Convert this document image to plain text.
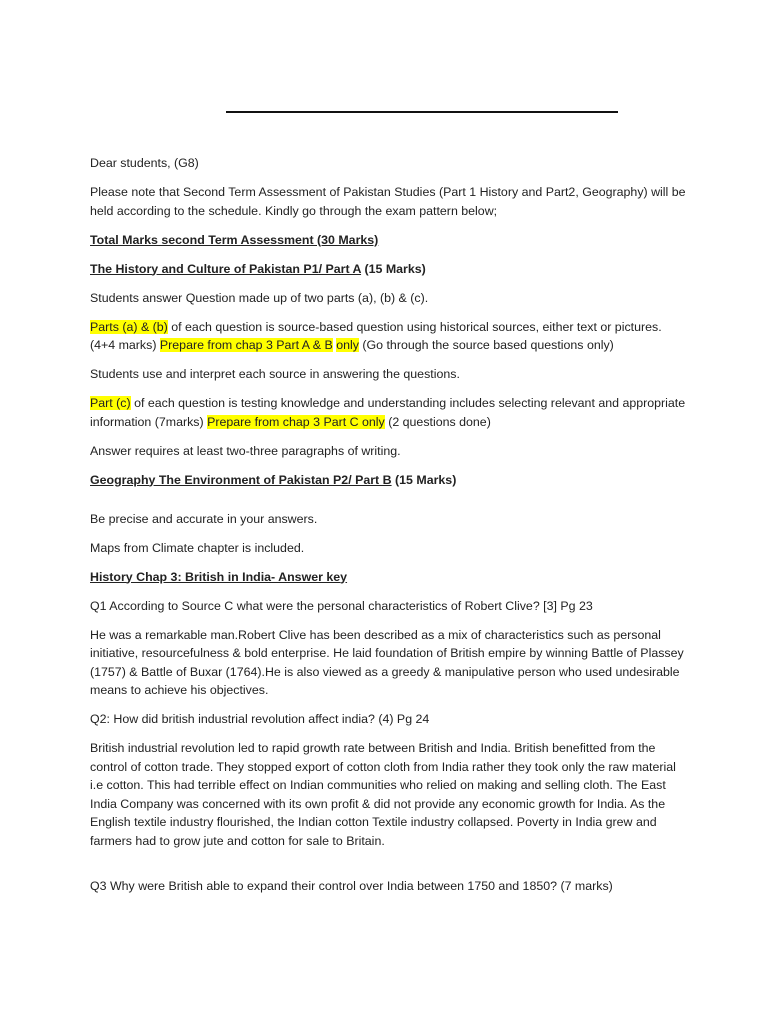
Dear students, (G8)

Please note that Second Term Assessment of Pakistan Studies (Part 1 History and Part2, Geography) will be held according to the schedule. Kindly go through the exam pattern below;

Total Marks second Term Assessment (30 Marks)

The History and Culture of Pakistan P1/ Part A (15 Marks)

Students answer Question made up of two parts (a), (b) & (c).

Parts (a) & (b) of each question is source-based question using historical sources, either text or pictures. (4+4 marks) Prepare from chap 3 Part A & B only (Go through the source based questions only)

Students use and interpret each source in answering the questions.

Part (c) of each question is testing knowledge and understanding includes selecting relevant and appropriate information (7marks) Prepare from chap 3 Part C only (2 questions done)

Answer requires at least two-three paragraphs of writing.

Geography The Environment of Pakistan P2/ Part B (15 Marks)

Be precise and accurate in your answers.

Maps from Climate chapter is included.

History Chap 3: British in India- Answer key

Q1 According to Source C what were the personal characteristics of Robert Clive? [3] Pg 23

He was a remarkable man.Robert Clive has been described as a mix of characteristics such as personal initiative, resourcefulness & bold enterprise. He laid foundation of British empire by winning Battle of Plassey (1757) & Battle of Buxar (1764).He is also viewed as a greedy & manipulative person who used undesirable means to achieve his objectives.

Q2: How did british industrial revolution affect india? (4) Pg 24

British industrial revolution led to rapid growth rate between British and India. British benefitted from the control of cotton trade. They stopped export of cotton cloth from India rather they took only the raw material i.e cotton. This had terrible effect on Indian communities who relied on making and selling cloth. The East India Company was concerned with its own profit & did not provide any economic growth for India. As the English textile industry flourished, the Indian cotton Textile industry collapsed. Poverty in India grew and farmers had to grow jute and cotton for sale to Britain.

Q3 Why were British able to expand their control over India between 1750 and 1850? (7 marks)
